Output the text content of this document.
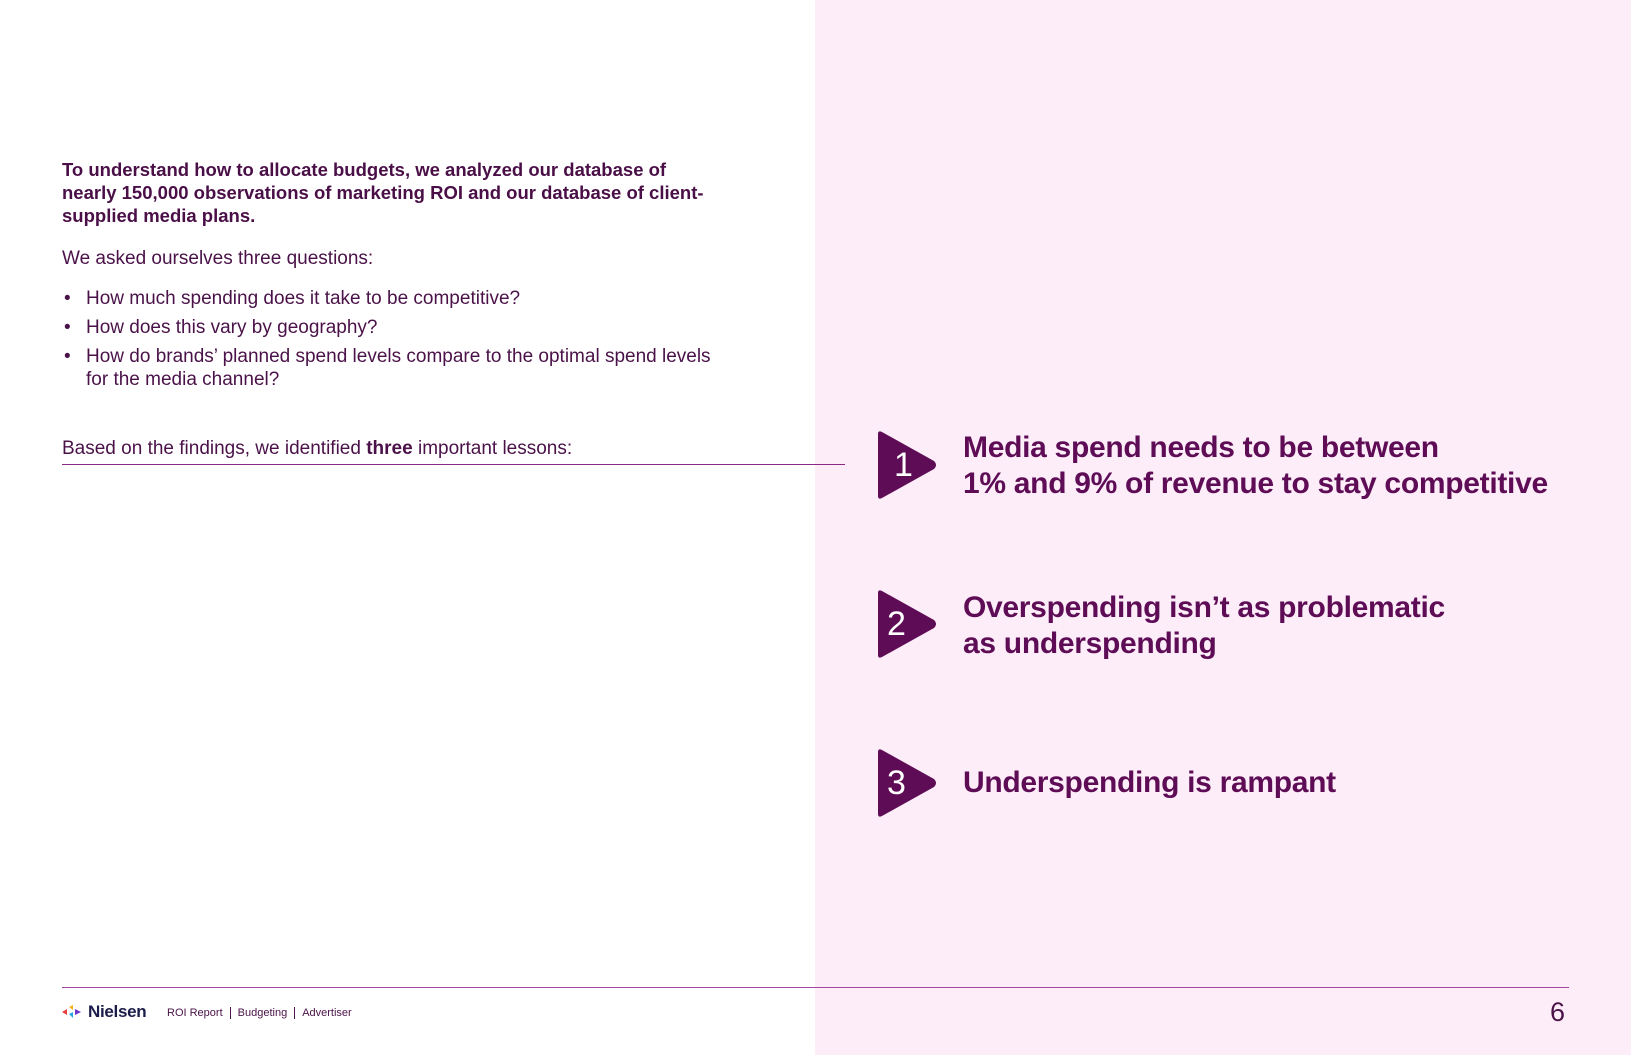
To understand how to allocate budgets, we analyzed our database of nearly 150,000 observations of marketing ROI and our database of client-supplied media plans.

We asked ourselves three questions:

• How much spending does it take to be competitive?
• How does this vary by geography?
• How do brands’ planned spend levels compare to the optimal spend levels for the media channel?

Based on the findings, we identified three important lessons:	1 Media spend needs to be between
1% and 9% of revenue to stay competitive
2 Overspending isn’t as problematic
as underspending
3 Underspending is rampant
Nielsen ROI Report Budgeting Advertiser	6
